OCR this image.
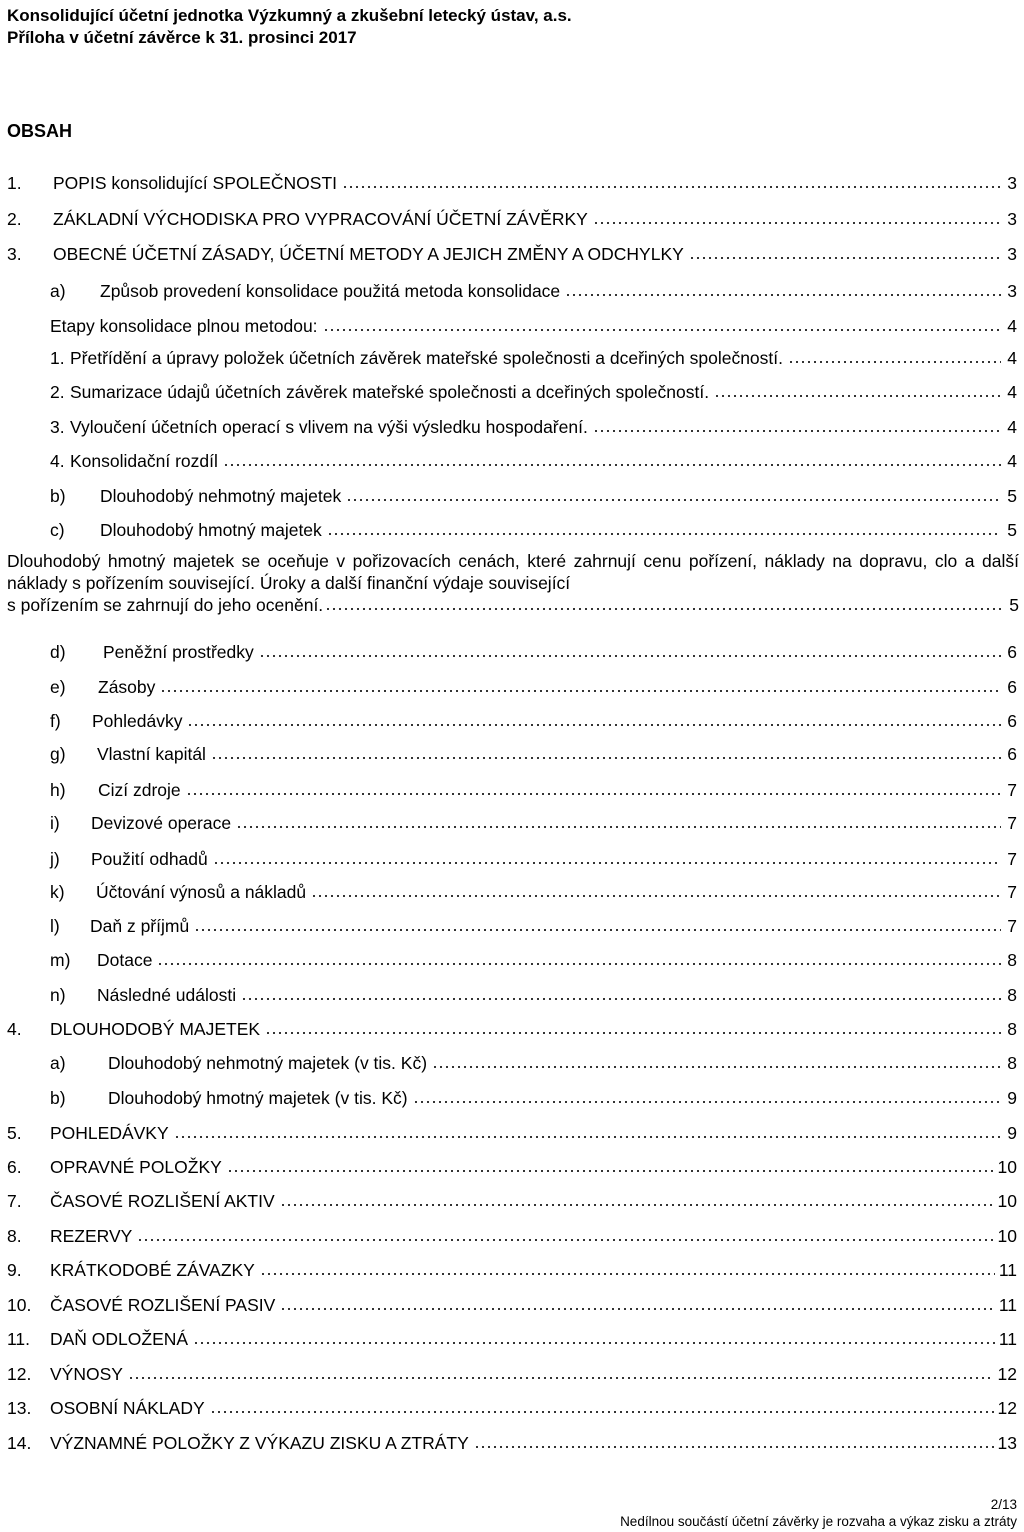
Konsolidující účetní jednotka Výzkumný a zkušební letecký ústav, a.s.
Příloha v účetní závěrce k 31. prosinci 2017
OBSAH
1.	POPIS konsolidující SPOLEČNOSTI	3
2.	ZÁKLADNÍ VÝCHODISKA PRO VYPRACOVÁNÍ ÚČETNÍ ZÁVĚRKY	3
3.	OBECNÉ ÚČETNÍ ZÁSADY, ÚČETNÍ METODY A JEJICH ZMĚNY A ODCHYLKY	3
a)	Způsob provedení konsolidace použitá metoda konsolidace	3
Etapy konsolidace plnou metodou:	4
1. Přetřídění a úpravy položek účetních závěrek mateřské společnosti a dceřiných společností.	4
2. Sumarizace údajů účetních závěrek mateřské společnosti a dceřiných společností.	4
3. Vyloučení účetních operací s vlivem na výši výsledku hospodaření.	4
4. Konsolidační rozdíl	4
b)	Dlouhodobý nehmotný majetek	5
c)	Dlouhodobý hmotný majetek	5
Dlouhodobý hmotný majetek se oceňuje v pořizovacích cenách, které zahrnují cenu pořízení, náklady na dopravu, clo a další náklady s pořízením související. Úroky a další finanční výdaje související
s pořízením se zahrnují do jeho ocenění.	5
d)	Peněžní prostředky	6
e)	Zásoby	6
f)	Pohledávky	6
g)	Vlastní kapitál	6
h)	Cizí zdroje	7
i)	Devizové operace	7
j)	Použití odhadů	7
k)	Účtování výnosů a nákladů	7
l)	Daň z příjmů	7
m)	Dotace	8
n)	Následné události	8
4.	DLOUHODOBÝ MAJETEK	8
a)	Dlouhodobý nehmotný majetek (v tis. Kč)	8
b)	Dlouhodobý hmotný majetek (v tis. Kč)	9
5.	POHLEDÁVKY	9
6.	OPRAVNÉ POLOŽKY	10
7.	ČASOVÉ ROZLIŠENÍ AKTIV	10
8.	REZERVY	10
9.	KRÁTKODOBÉ ZÁVAZKY	11
10.	ČASOVÉ ROZLIŠENÍ PASIV	11
11.	DAŇ ODLOŽENÁ	11
12.	VÝNOSY	12
13.	OSOBNÍ NÁKLADY	12
14.	VÝZNAMNÉ POLOŽKY Z VÝKAZU ZISKU A ZTRÁTY	13
2/13
Nedílnou součástí účetní závěrky je rozvaha a výkaz zisku a ztráty
